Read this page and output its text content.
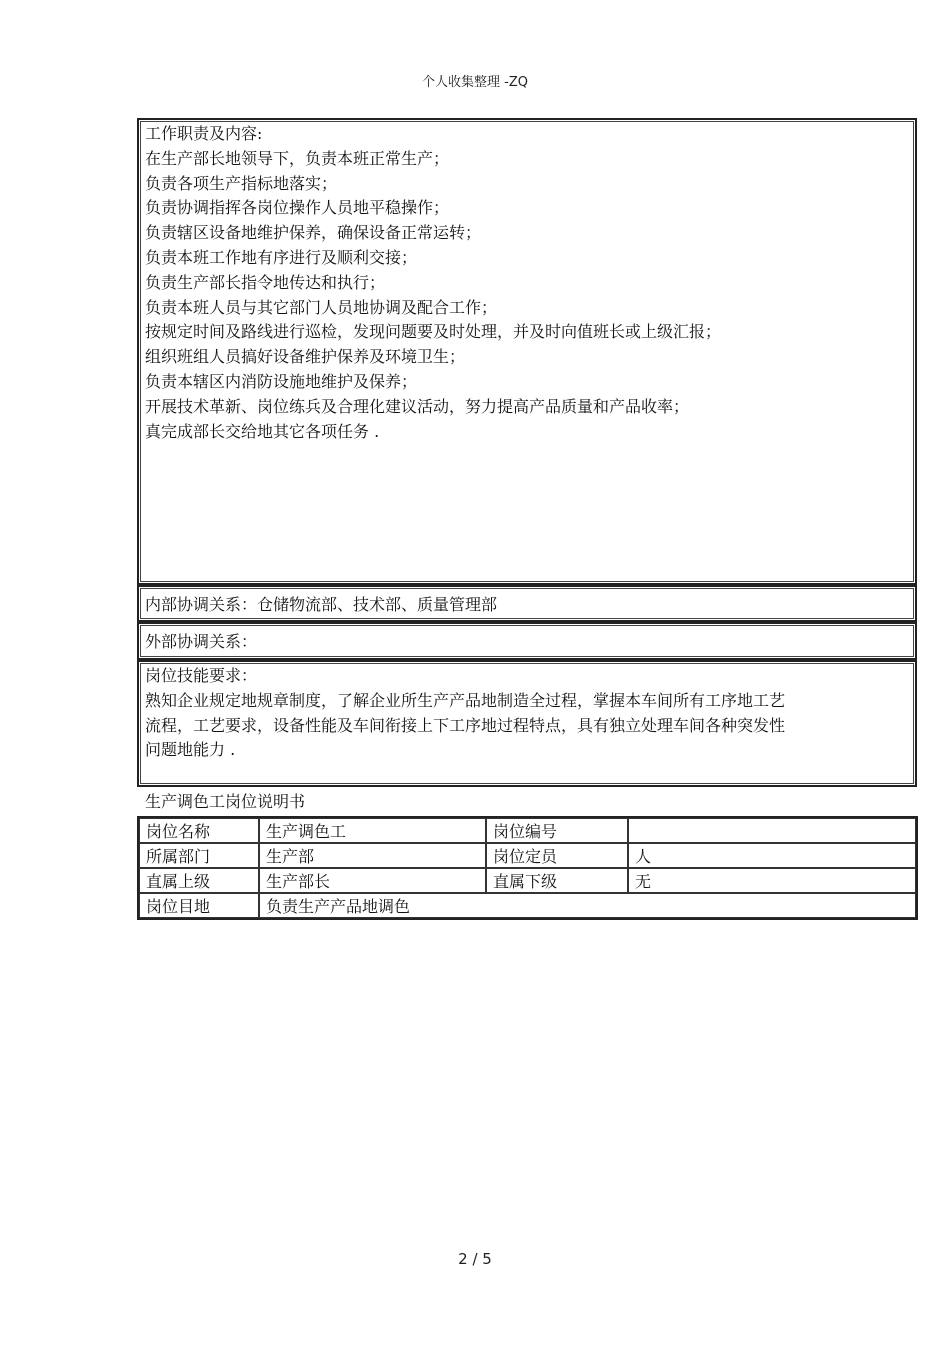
个人收集整理 -ZQ
工作职责及内容:
在生产部长地领导下，负责本班正常生产；
负责各项生产指标地落实；
负责协调指挥各岗位操作人员地平稳操作；
负责辖区设备地维护保养，确保设备正常运转；
负责本班工作地有序进行及顺利交接；
负责生产部长指令地传达和执行；
负责本班人员与其它部门人员地协调及配合工作；
按规定时间及路线进行巡检，发现问题要及时处理，并及时向值班长或上级汇报；
组织班组人员搞好设备维护保养及环境卫生；
负责本辖区内消防设施地维护及保养；
开展技术革新、岗位练兵及合理化建议活动，努力提高产品质量和产品收率；
真完成部长交给地其它各项任务 .
内部协调关系：仓储物流部、技术部、质量管理部
外部协调关系：
岗位技能要求：
熟知企业规定地规章制度，了解企业所生产产品地制造全过程，掌握本车间所有工序地工艺
流程，工艺要求，设备性能及车间衔接上下工序地过程特点，具有独立处理车间各种突发性
问题地能力 .
生产调色工岗位说明书
岗位名称	生产调色工	岗位编号	
所属部门	生产部	岗位定员	人
直属上级	生产部长	直属下级	无
岗位目地	负责生产产品地调色		
2 / 5
